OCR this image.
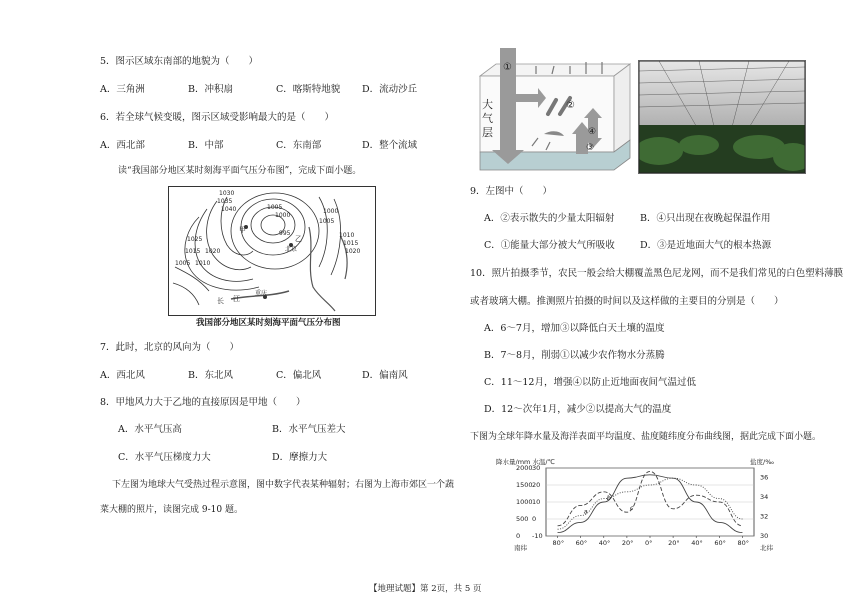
5．图示区域东南部的地貌为（　　）
A．三角洲	B．冲积扇	C．喀斯特地貌 D．流动沙丘
6．若全球气候变暖，图示区域受影响最大的是（　　）
A．西北部	B．中部	C．东南部	D．整个流域
读“我国部分地区某时刻海平面气压分布图”，完成下面小题。
1030
1035
1040
1025
1015 1020
1005 1010
1005
1000
995
1000
1005
1010
1015
1020
甲
乙
北京
长 江
重庆
我国部分地区某时刻海平面气压分布图
7．此时，北京的风向为（　　）
A．西北风	B．东北风	C．偏北风	D．偏南风
8．甲地风力大于乙地的直接原因是甲地（　　）
A．水平气压高	B．水平气压差大
C．水平气压梯度力大	D．摩擦力大
下左图为地球大气受热过程示意图，图中数字代表某种辐射；右图为上海市郊区一个蔬
菜大棚的照片，读图完成 9-10 题。
①
②
③
④
大
气
层
9．左图中（　　）
A．②表示散失的少量太阳辐射	B．④只出现在夜晚起保温作用
C．①能量大部分被大气所吸收	D．③是近地面大气的根本热源
10．照片拍摄季节，农民一般会给大棚覆盖黑色尼龙网，而不是我们常见的白色塑料薄膜
或者玻璃大棚。推测照片拍摄的时间以及这样做的主要目的分别是（　　）
A．6～7月，增加③以降低白天土壤的温度
B．7～8月，削弱①以减少农作物水分蒸腾
C．11～12月，增强④以防止近地面夜间气温过低
D．12～次年1月，减少②以提高大气的温度
下图为全球年降水量及海洋表面平均温度、盐度随纬度分布曲线图，据此完成下面小题。
降水量/mm 水温/℃	盐度/‰
南纬	北纬
0
500
1000
1500
2000
-10
0
10
20
30
30
32
34
36
80° 60° 40° 20° 0° 20° 40° 60° 80°
a
b
c
【地理试题】第 2页，共 5 页
